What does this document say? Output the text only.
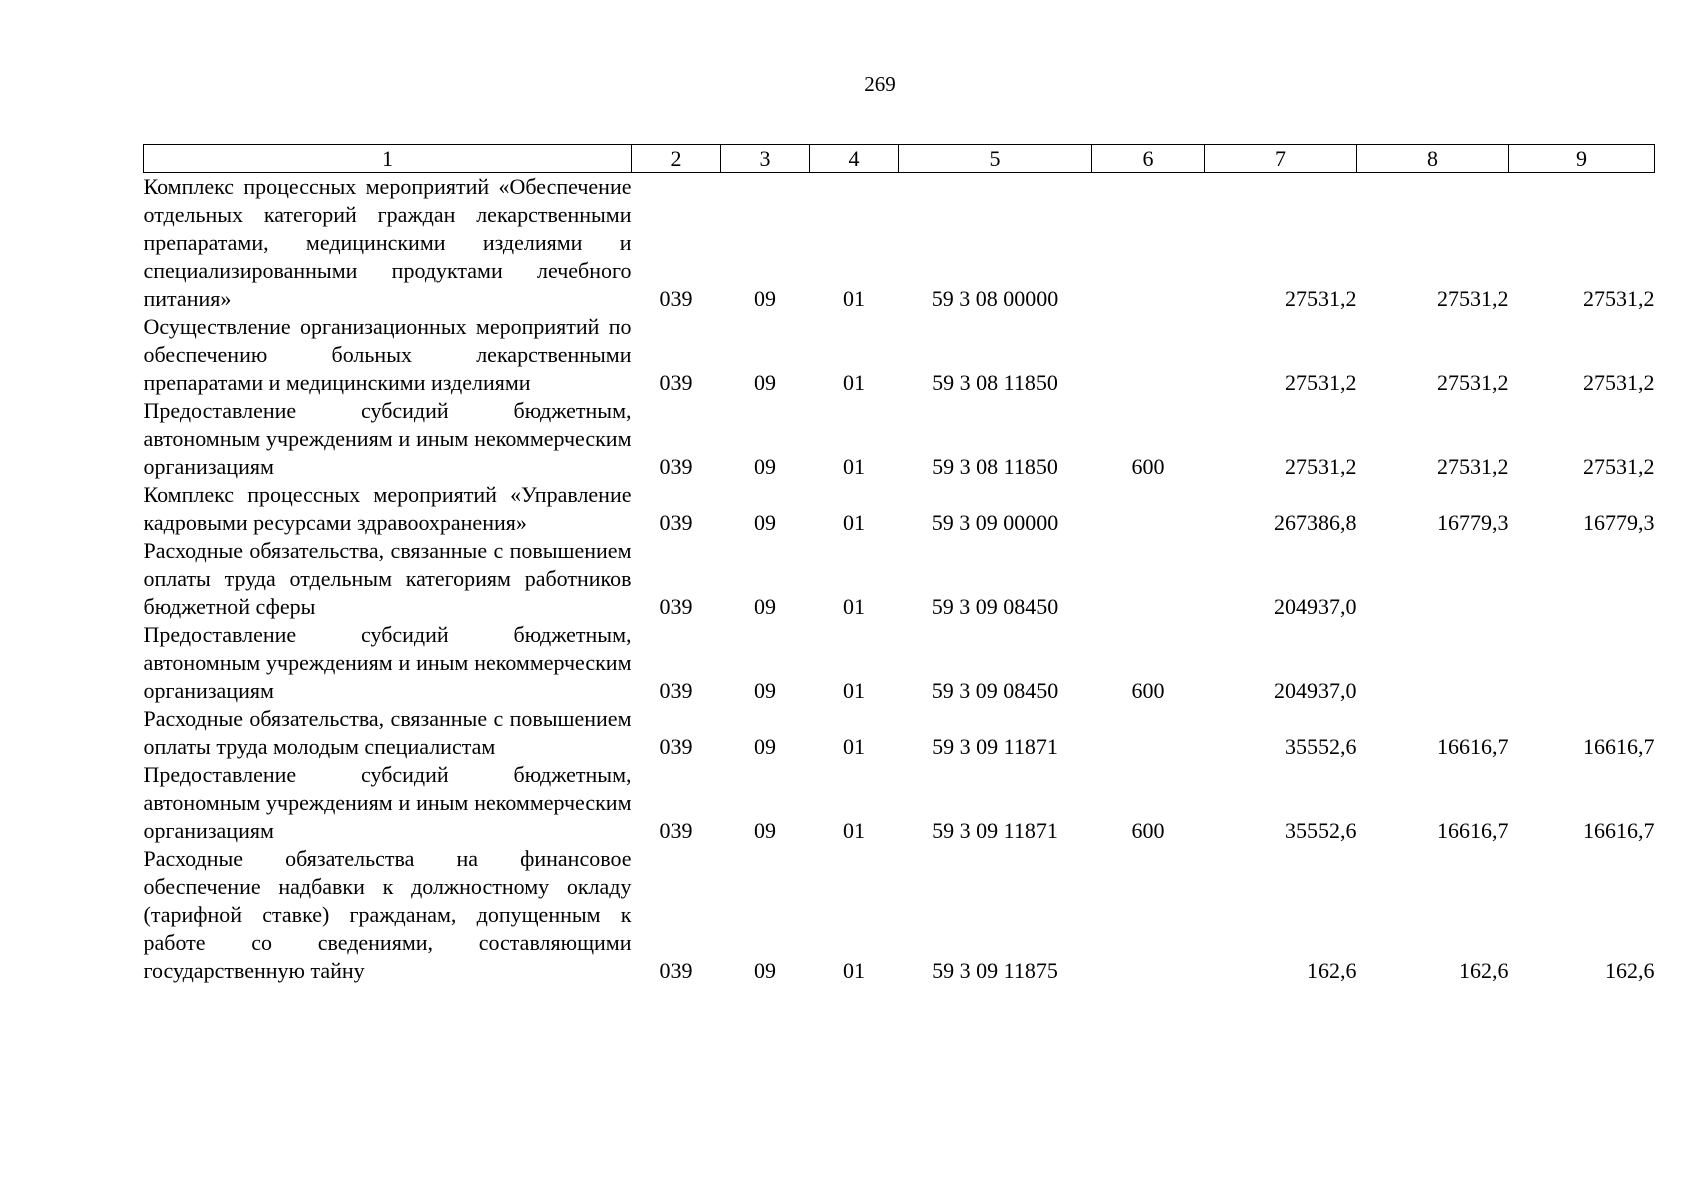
269
1	2	3	4	5	6	7	8	9
Комплекс процессных мероприятий «Обеспечение отдельных категорий граждан лекарственными препаратами, медицинскими изделиями и специализированными продуктами лечебного питания»	039	09	01	59 3 08 00000		27531,2	27531,2	27531,2
Осуществление организационных мероприятий по обеспечению больных лекарственными препаратами и медицинскими изделиями	039	09	01	59 3 08 11850		27531,2	27531,2	27531,2
Предоставление субсидий бюджетным, автономным учреждениям и иным некоммерческим организациям	039	09	01	59 3 08 11850	600	27531,2	27531,2	27531,2
Комплекс процессных мероприятий «Управление кадровыми ресурсами здравоохранения»	039	09	01	59 3 09 00000		267386,8	16779,3	16779,3
Расходные обязательства, связанные с повышением оплаты труда отдельным категориям работников бюджетной сферы	039	09	01	59 3 09 08450		204937,0		
Предоставление субсидий бюджетным, автономным учреждениям и иным некоммерческим организациям	039	09	01	59 3 09 08450	600	204937,0		
Расходные обязательства, связанные с повышением оплаты труда молодым специалистам	039	09	01	59 3 09 11871		35552,6	16616,7	16616,7
Предоставление субсидий бюджетным, автономным учреждениям и иным некоммерческим организациям	039	09	01	59 3 09 11871	600	35552,6	16616,7	16616,7
Расходные обязательства на финансовое обеспечение надбавки к должностному окладу (тарифной ставке) гражданам, допущенным к работе со сведениями, составляющими государственную тайну	039	09	01	59 3 09 11875		162,6	162,6	162,6
